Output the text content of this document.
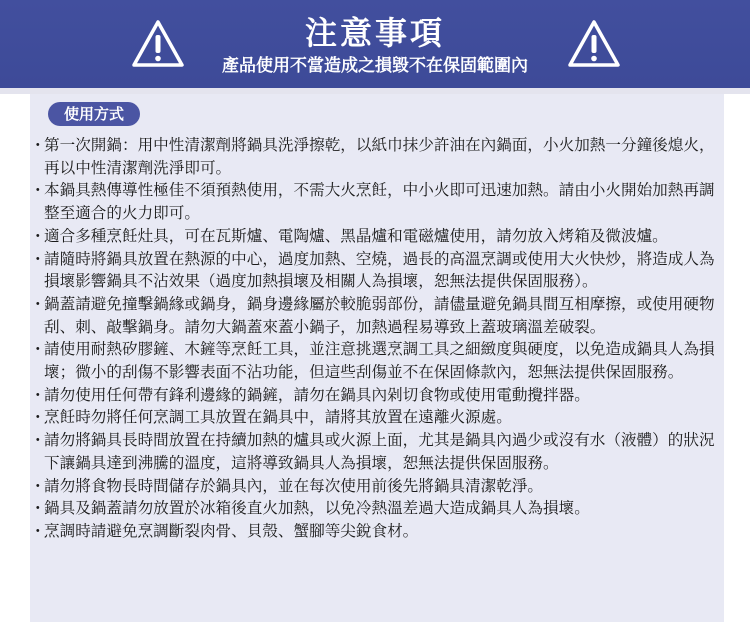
注意事項
產品使用不當造成之損毀不在保固範圍內
使用方式
・
第一次開鍋：用中性清潔劑將鍋具洗淨擦乾，以紙巾抹少許油在內鍋面，小火加熱一分鐘後熄火，再以中性清潔劑洗淨即可。
・
本鍋具熱傳導性極佳不須預熱使用，不需大火烹飪，中小火即可迅速加熱。請由小火開始加熱再調整至適合的火力即可。
・
適合多種烹飪灶具，可在瓦斯爐、電陶爐、黑晶爐和電磁爐使用，請勿放入烤箱及微波爐。
・
請隨時將鍋具放置在熱源的中心，過度加熱、空燒，過長的高溫烹調或使用大火快炒，將造成人為損壞影響鍋具不沾效果（過度加熱損壞及相關人為損壞，恕無法提供保固服務）。
・
鍋蓋請避免撞擊鍋緣或鍋身，鍋身邊緣屬於較脆弱部份，請儘量避免鍋具間互相摩擦，或使用硬物刮、刺、敲擊鍋身。請勿大鍋蓋來蓋小鍋子，加熱過程易導致上蓋玻璃溫差破裂。
・
請使用耐熱矽膠鏟、木鏟等烹飪工具，並注意挑選烹調工具之細緻度與硬度，以免造成鍋具人為損壞；微小的刮傷不影響表面不沾功能，但這些刮傷並不在保固條款內，恕無法提供保固服務。
・
請勿使用任何帶有鋒利邊緣的鍋鏟，請勿在鍋具內剁切食物或使用電動攪拌器。
・
烹飪時勿將任何烹調工具放置在鍋具中，請將其放置在遠離火源處。
・
請勿將鍋具長時間放置在持續加熱的爐具或火源上面，尤其是鍋具內過少或沒有水（液體）的狀況下讓鍋具達到沸騰的溫度，這將導致鍋具人為損壞，恕無法提供保固服務。
・
請勿將食物長時間儲存於鍋具內，並在每次使用前後先將鍋具清潔乾淨。
・
鍋具及鍋蓋請勿放置於冰箱後直火加熱，以免冷熱溫差過大造成鍋具人為損壞。
・
烹調時請避免烹調斷裂肉骨、貝殼、蟹腳等尖銳食材。
